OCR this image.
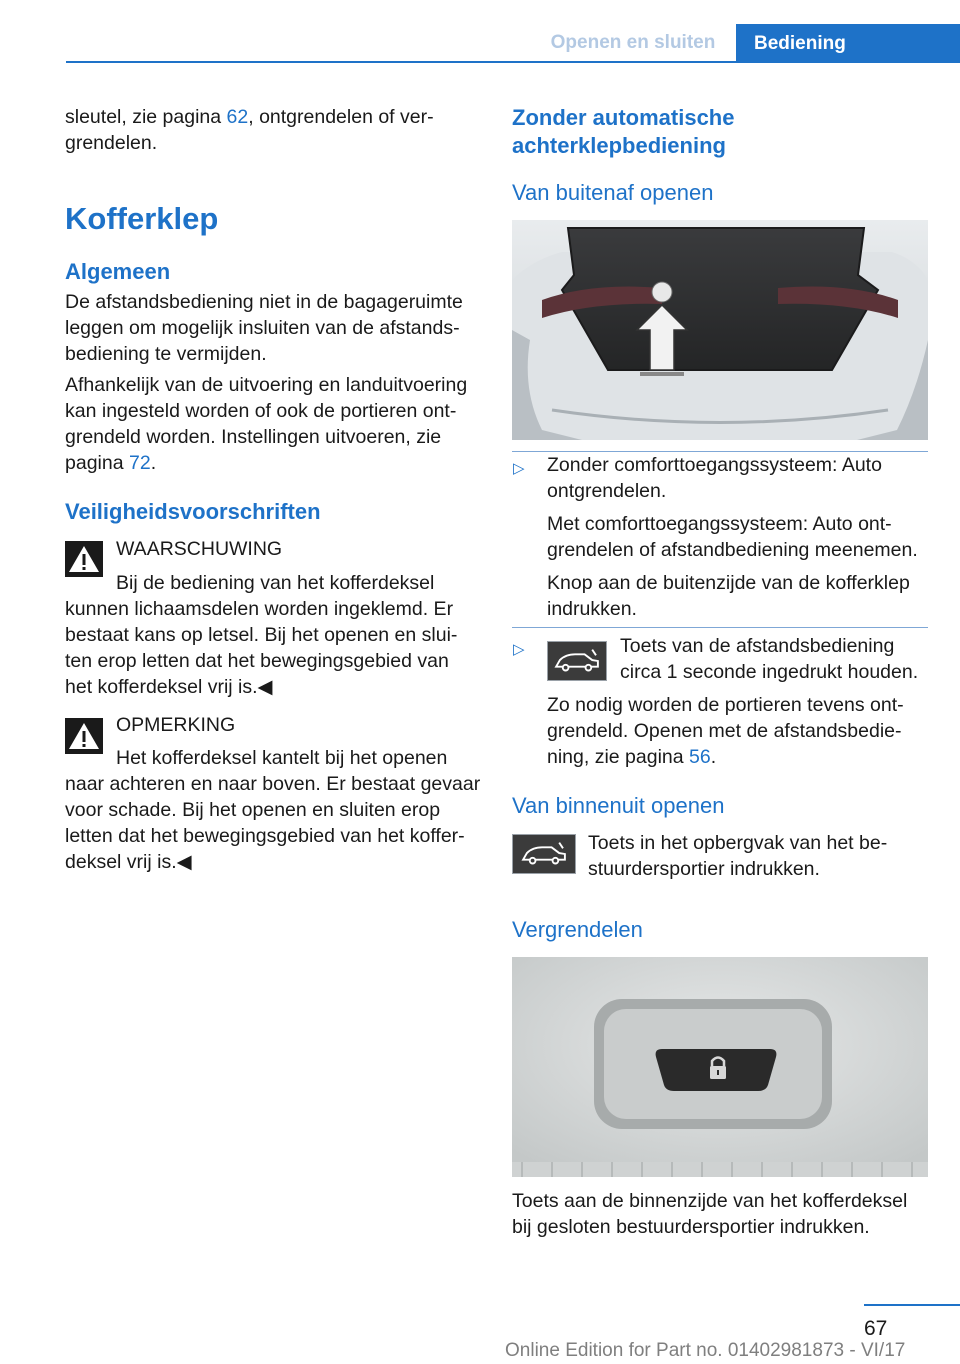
Openen en sluiten	Bediening

sleutel, zie pagina 62, ontgrendelen of ver-

grendelen.

Kofferklep
Algemeen

De afstandsbediening niet in de bagageruimte

leggen om mogelijk insluiten van de afstands-

bediening te vermijden.

Afhankelijk van de uitvoering en landuitvoering

kan ingesteld worden of ook de portieren ont-

grendeld worden. Instellingen uitvoeren, zie

pagina 72.

Veiligheidsvoorschriften
WAARSCHUWING
Bij de bediening van het kofferdeksel

kunnen lichaamsdelen worden ingeklemd. Er

bestaat kans op letsel. Bij het openen en slui-

ten erop letten dat het bewegingsgebied van

het kofferdeksel vrij is.◀

OPMERKING
Het kofferdeksel kantelt bij het openen

naar achteren en naar boven. Er bestaat gevaar

voor schade. Bij het openen en sluiten erop

letten dat het bewegingsgebied van het koffer-

deksel vrij is.◀

Zonder automatische
achterklepbediening
Van buitenaf openen
▷ Zonder comforttoegangssysteem: Auto

ontgrendelen.

Met comforttoegangssysteem: Auto ont-

grendelen of afstandbediening meenemen.

Knop aan de buitenzijde van de kofferklep

indrukken.

▷	Toets van de afstandsbediening

circa 1 seconde ingedrukt houden.

Zo nodig worden de portieren tevens ont-

grendeld. Openen met de afstandsbedie-

ning, zie pagina 56.

Van binnenuit openen

Toets in het opbergvak van het be-

stuurdersportier indrukken.

Vergrendelen

Toets aan de binnenzijde van het kofferdeksel

bij gesloten bestuurdersportier indrukken.

67
Online Edition for Part no. 01402981873 - VI/17
